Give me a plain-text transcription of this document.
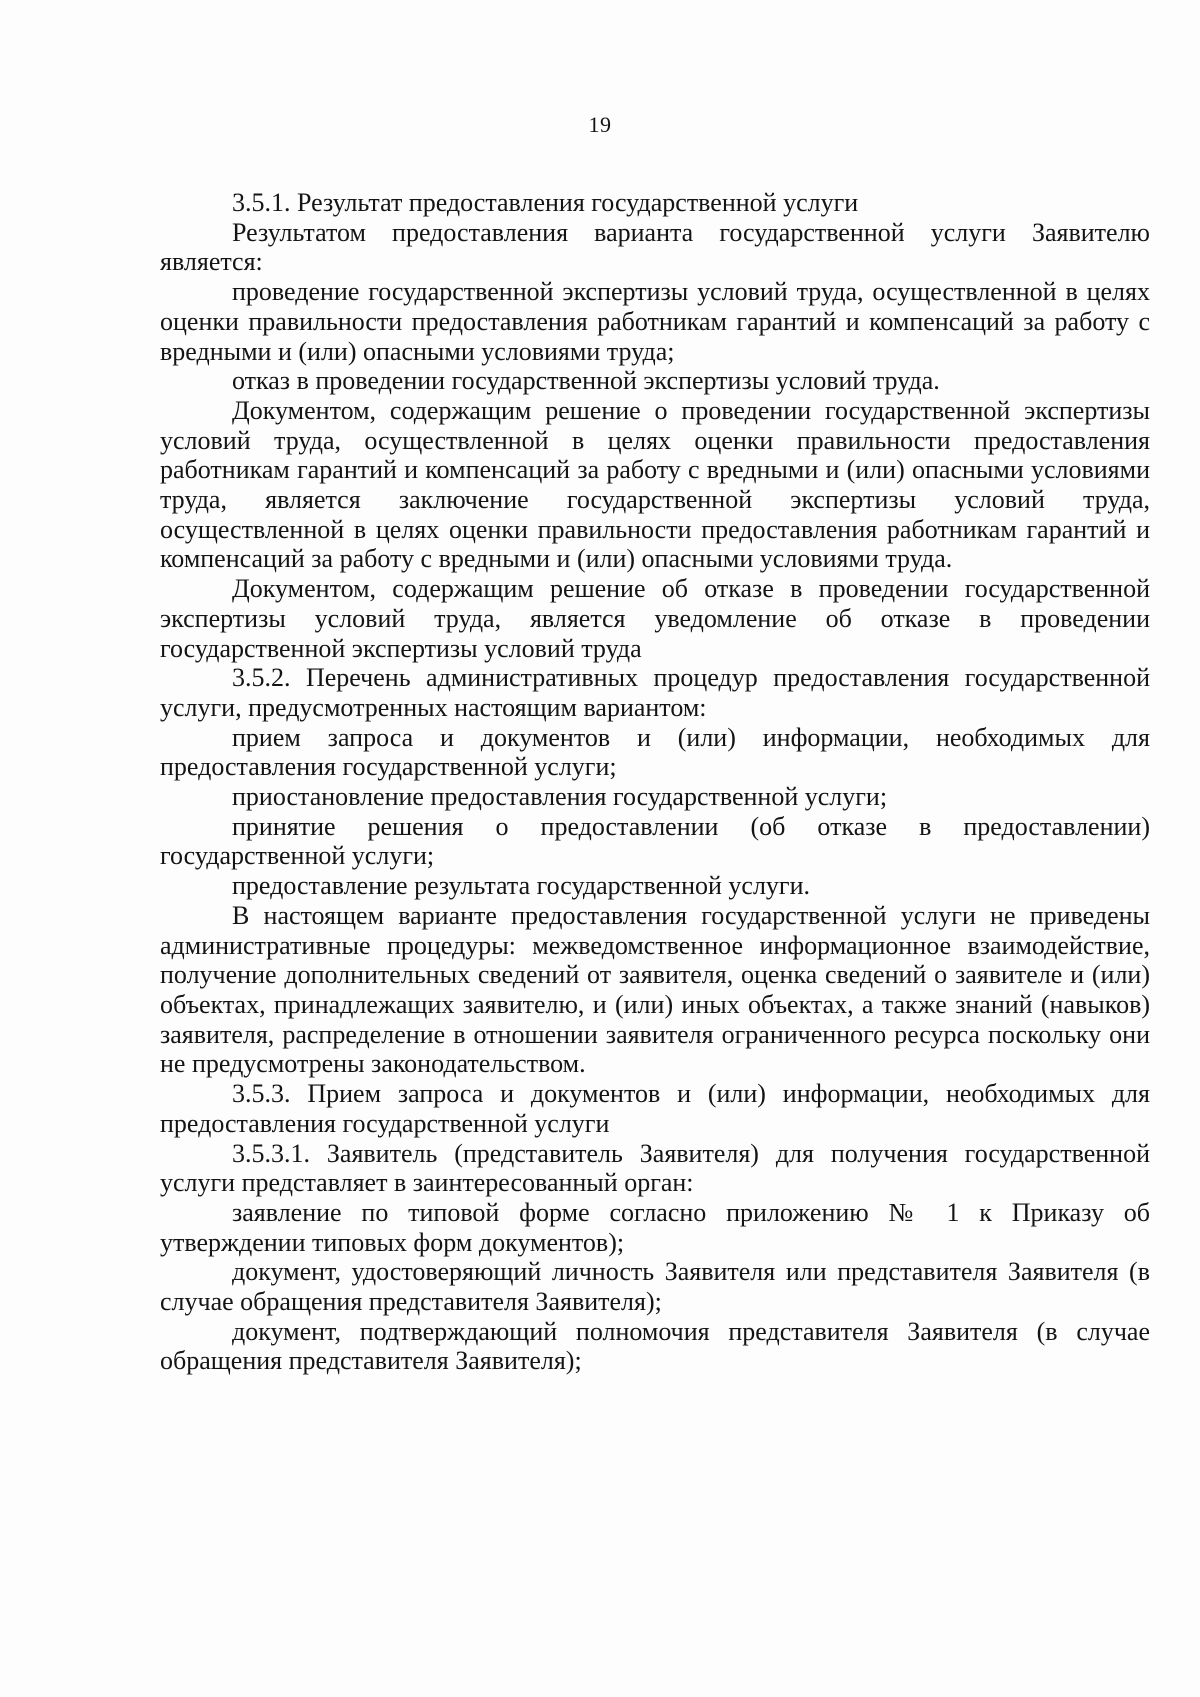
19

3.5.1. Результат предоставления государственной услуги

Результатом предоставления варианта государственной услуги Заявителю является:

проведение государственной экспертизы условий труда, осуществленной в целях оценки правильности предоставления работникам гарантий и компенсаций за работу с вредными и (или) опасными условиями труда;

отказ в проведении государственной экспертизы условий труда.

Документом, содержащим решение о проведении государственной экспертизы условий труда, осуществленной в целях оценки правильности предоставления работникам гарантий и компенсаций за работу с вредными и (или) опасными условиями труда, является заключение государственной экспертизы условий труда, осуществленной в целях оценки правильности предоставления работникам гарантий и компенсаций за работу с вредными и (или) опасными условиями труда.

Документом, содержащим решение об отказе в проведении государственной экспертизы условий труда, является уведомление об отказе в проведении государственной экспертизы условий труда

3.5.2. Перечень административных процедур предоставления государственной услуги, предусмотренных настоящим вариантом:

прием запроса и документов и (или) информации, необходимых для предоставления государственной услуги;

приостановление предоставления государственной услуги;

принятие решения о предоставлении (об отказе в предоставлении) государственной услуги;

предоставление результата государственной услуги.

В настоящем варианте предоставления государственной услуги не приведены административные процедуры: межведомственное информационное взаимодействие, получение дополнительных сведений от заявителя, оценка сведений о заявителе и (или) объектах, принадлежащих заявителю, и (или) иных объектах, а также знаний (навыков) заявителя, распределение в отношении заявителя ограниченного ресурса поскольку они не предусмотрены законодательством.

3.5.3. Прием запроса и документов и (или) информации, необходимых для предоставления государственной услуги

3.5.3.1. Заявитель (представитель Заявителя) для получения государственной услуги представляет в заинтересованный орган:

заявление по типовой форме согласно приложению № 1 к Приказу об утверждении типовых форм документов);

документ, удостоверяющий личность Заявителя или представителя Заявителя (в случае обращения представителя Заявителя);

документ, подтверждающий полномочия представителя Заявителя (в случае обращения представителя Заявителя);
